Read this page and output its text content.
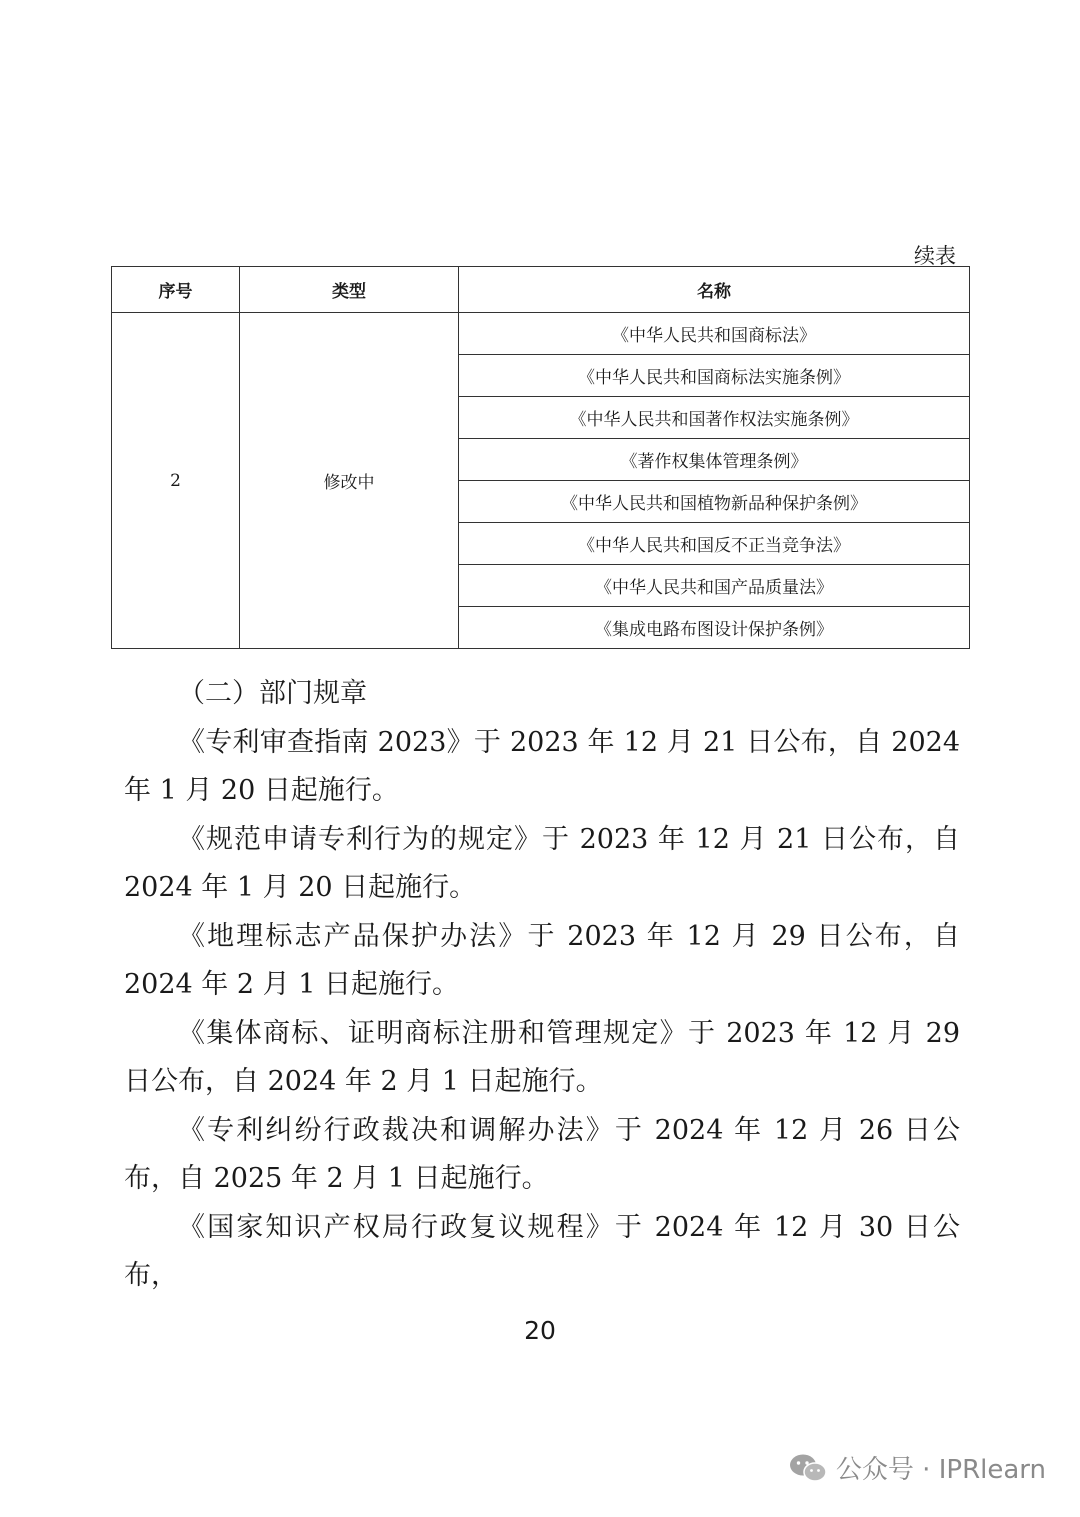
续表
序号	类型	名称
2	修改中	《中华人民共和国商标法》
		《中华人民共和国商标法实施条例》
		《中华人民共和国著作权法实施条例》
		《著作权集体管理条例》
		《中华人民共和国植物新品种保护条例》
		《中华人民共和国反不正当竞争法》
		《中华人民共和国产品质量法》
		《集成电路布图设计保护条例》

（二）部门规章

《专利审查指南 2023》于 2023 年 12 月 21 日公布，自 2024 年 1 月 20 日起施行。

《规范申请专利行为的规定》于 2023 年 12 月 21 日公布，自 2024 年 1 月 20 日起施行。

《地理标志产品保护办法》于 2023 年 12 月 29 日公布，自 2024 年 2 月 1 日起施行。

《集体商标、证明商标注册和管理规定》于 2023 年 12 月 29 日公布，自 2024 年 2 月 1 日起施行。

《专利纠纷行政裁决和调解办法》于 2024 年 12 月 26 日公布，自 2025 年 2 月 1 日起施行。

《国家知识产权局行政复议规程》于 2024 年 12 月 30 日公布，

20
公众号 · IPRlearn
